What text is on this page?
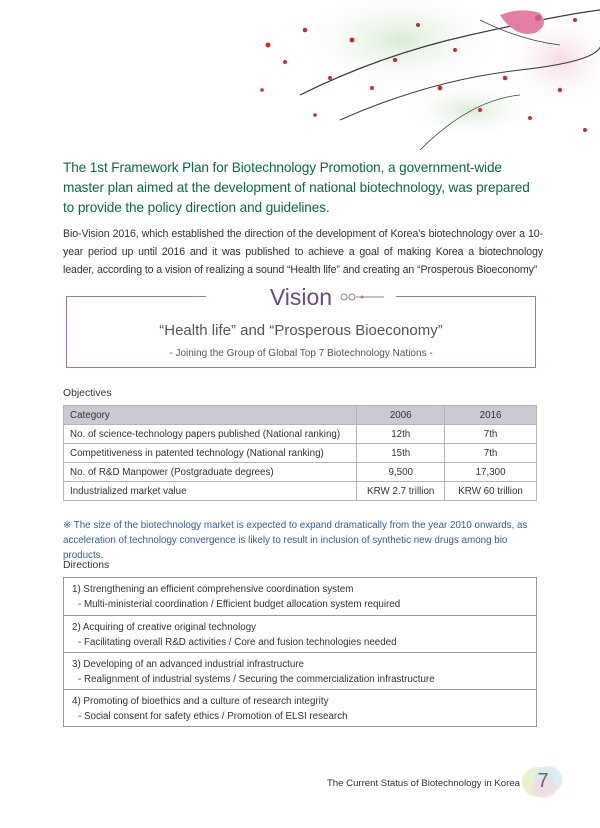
The 1st Framework Plan for Biotechnology Promotion, a government-wide master plan aimed at the development of national biotechnology, was prepared to provide the policy direction and guidelines.
Bio-Vision 2016, which established the direction of the development of Korea’s biotechnology over a 10-year period up until 2016 and it was published to achieve a goal of making Korea a biotechnology leader, according to a vision of realizing a sound “Health life” and creating an “Prosperous Bioeconomy”
Vision
“Health life” and “Prosperous Bioeconomy”
- Joining the Group of Global Top 7 Biotechnology Nations -
Objectives
Category	2006	2016
No. of science-technology papers published (National ranking)	12th	7th
Competitiveness in patented technology (National ranking)	15th	7th
No. of R&D Manpower (Postgraduate degrees)	9,500	17,300
Industrialized market value	KRW 2.7 trillion	KRW 60 trillion
※ The size of the biotechnology market is expected to expand dramatically from the year 2010 onwards, as acceleration of technology convergence is likely to result in inclusion of synthetic new drugs among bio products.
Directions
1) Strengthening an efficient comprehensive coordination system
- Multi-ministerial coordination / Efficient budget allocation system required
2) Acquiring of creative original technology
- Facilitating overall R&D activities / Core and fusion technologies needed
3) Developing of an advanced industrial infrastructure
- Realignment of industrial systems / Securing the commercialization infrastructure
4) Promoting of bioethics and a culture of research integrity
- Social consent for safety ethics / Promotion of ELSI research
The Current Status of Biotechnology in Korea 7
